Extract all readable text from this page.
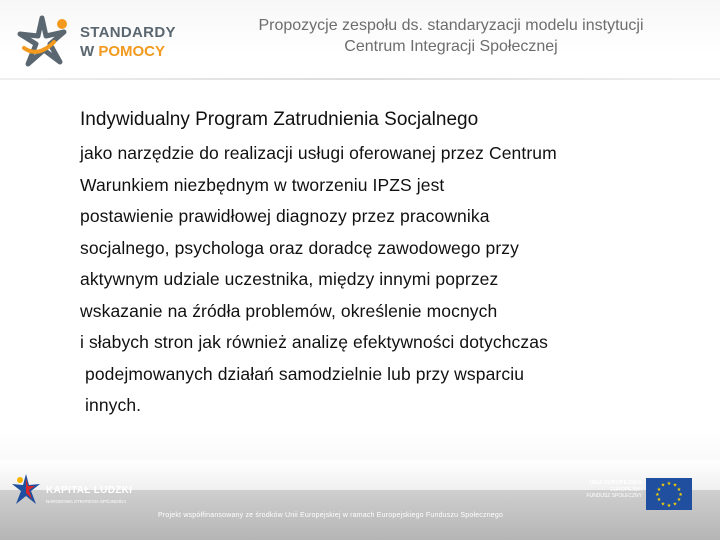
STANDARDY
W POMOCY
Propozycje zespołu ds. standaryzacji modelu instytucji
Centrum Integracji Społecznej
Indywidualny Program Zatrudnienia Socjalnego
jako narzędzie do realizacji usługi oferowanej przez Centrum
Warunkiem niezbędnym w tworzeniu IPZS jest
postawienie prawidłowej diagnozy przez pracownika
socjalnego, psychologa oraz doradcę zawodowego przy
aktywnym udziale uczestnika, między innymi poprzez
wskazanie na źródła problemów, określenie mocnych
i słabych stron jak również analizę efektywności dotychczas
podejmowanych działań samodzielnie lub przy wsparciu
innych.
KAPITAŁ LUDZKI
NARODOWA STRATEGIA SPÓJNOŚCI
UNIA EUROPEJSKA
EUROPEJSKI
FUNDUSZ SPOŁECZNY
★ ★
★
★
★
★
★
★
★
★
★
★
Projekt współfinansowany ze środków Unii Europejskiej w ramach Europejskiego Funduszu Społecznego
